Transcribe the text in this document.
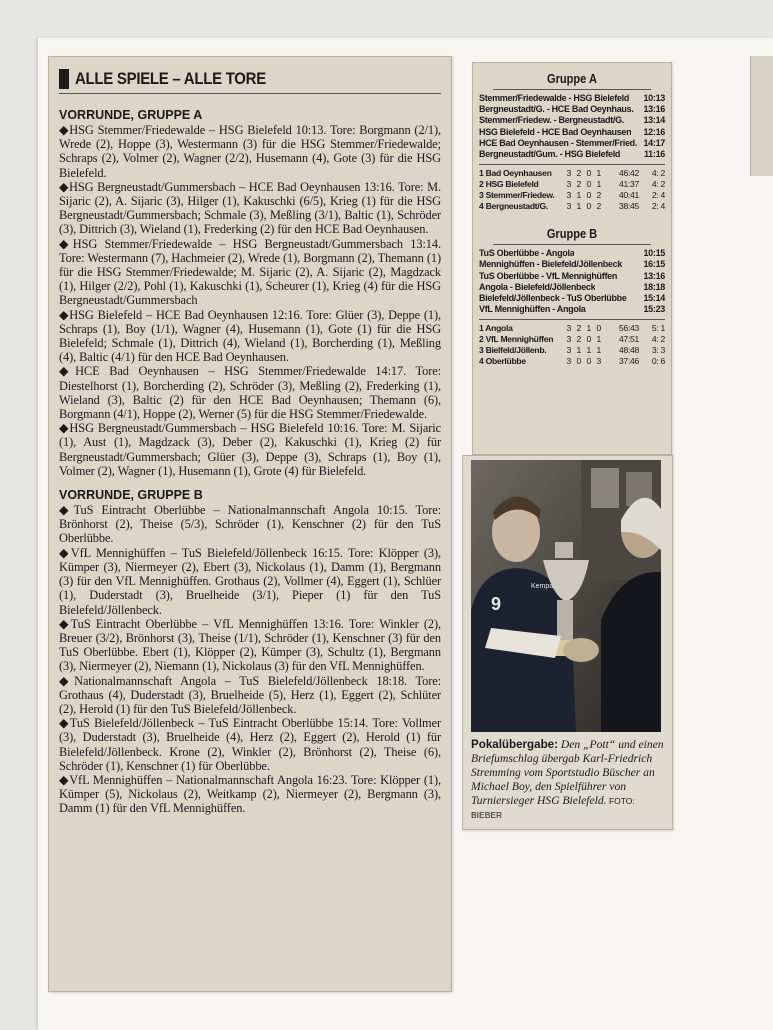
ALLE SPIELE – ALLE TORE
VORRUNDE, GRUPPE A

◆HSG Stemmer/Friedewalde – HSG Bielefeld 10:13. Tore: Borgmann (2/1), Wrede (2), Hoppe (3), Westermann (3) für die HSG Stemmer/Friedewalde; Schraps (2), Volmer (2), Wagner (2/2), Husemann (4), Gote (3) für die HSG Bielefeld.

◆HSG Bergneustadt/Gummersbach – HCE Bad Oeynhausen 13:16. Tore: M. Sijaric (2), A. Sijaric (3), Hilger (1), Kakuschki (6/5), Krieg (1) für die HSG Bergneustadt/Gummersbach; Schmale (3), Meßling (3/1), Baltic (1), Schröder (3), Dittrich (3), Wieland (1), Frederking (2) für den HCE Bad Oeynhausen.

◆HSG Stemmer/Friedewalde – HSG Bergneustadt/Gummersbach 13:14. Tore: Westermann (7), Hachmeier (2), Wrede (1), Borgmann (2), Themann (1) für die HSG Stemmer/Friedewalde; M. Sijaric (2), A. Sijaric (2), Magdzack (1), Hilger (2/2), Pohl (1), Kakuschki (1), Scheurer (1), Krieg (4) für die HSG Bergneustadt/Gummersbach

◆HSG Bielefeld – HCE Bad Oeynhausen 12:16. Tore: Glüer (3), Deppe (1), Schraps (1), Boy (1/1), Wagner (4), Husemann (1), Gote (1) für die HSG Bielefeld; Schmale (1), Dittrich (4), Wieland (1), Borcherding (1), Meßling (4), Baltic (4/1) für den HCE Bad Oeynhausen.

◆HCE Bad Oeynhausen – HSG Stemmer/Friedewalde 14:17. Tore: Diestelhorst (1), Borcherding (2), Schröder (3), Meßling (2), Frederking (1), Wieland (3), Baltic (2) für den HCE Bad Oeynhausen; Themann (6), Borgmann (4/1), Hoppe (2), Werner (5) für die HSG Stemmer/Friedewalde.

◆HSG Bergneustadt/Gummersbach – HSG Bielefeld 10:16. Tore: M. Sijaric (1), Aust (1), Magdzack (3), Deber (2), Kakuschki (1), Krieg (2) für Bergneustadt/Gummersbach; Glüer (3), Deppe (3), Schraps (1), Boy (1), Volmer (2), Wagner (1), Husemann (1), Grote (4) für Bielefeld.

VORRUNDE, GRUPPE B

◆TuS Eintracht Oberlübbe – Nationalmannschaft Angola 10:15. Tore: Brönhorst (2), Theise (5/3), Schröder (1), Kenschner (2) für den TuS Oberlübbe.

◆VfL Mennighüffen – TuS Bielefeld/Jöllenbeck 16:15. Tore: Klöpper (3), Kümper (3), Niermeyer (2), Ebert (3), Nickolaus (1), Damm (1), Bergmann (3) für den VfL Mennighüffen. Grothaus (2), Vollmer (4), Eggert (1), Schlüer (1), Duderstadt (3), Bruelheide (3/1), Pieper (1) für den TuS Bielefeld/Jöllenbeck.

◆TuS Eintracht Oberlübbe – VfL Mennighüffen 13:16. Tore: Winkler (2), Breuer (3/2), Brönhorst (3), Theise (1/1), Schröder (1), Kenschner (3) für den TuS Oberlübbe. Ebert (1), Klöpper (2), Kümper (3), Schultz (1), Bergmann (3), Niermeyer (2), Niemann (1), Nickolaus (3) für den VfL Mennighüffen.

◆Nationalmannschaft Angola – TuS Bielefeld/Jöllenbeck 18:18. Tore: Grothaus (4), Duderstadt (3), Bruelheide (5), Herz (1), Eggert (2), Schlüter (2), Herold (1) für den TuS Bielefeld/Jöllenbeck.

◆TuS Bielefeld/Jöllenbeck – TuS Eintracht Oberlübbe 15:14. Tore: Vollmer (3), Duderstadt (3), Bruelheide (4), Herz (2), Eggert (2), Herold (1) für Bielefeld/Jöllenbeck. Krone (2), Winkler (2), Brönhorst (2), Theise (6), Schröder (1), Kenschner (1) für Oberlübbe.

◆VfL Mennighüffen – Nationalmannschaft Angola 16:23. Tore: Klöpper (1), Kümper (5), Nickolaus (2), Weitkamp (2), Niermeyer (2), Bergmann (3), Damm (1) für den VfL Mennighüffen.

Gruppe A
Stemmer/Friedewalde - HSG Bielefeld 10:13
Bergneustadt/G. - HCE Bad Oeynhaus. 13:16
Stemmer/Friedew. - Bergneustadt/G. 13:14
HSG Bielefeld - HCE Bad Oeynhausen 12:16
HCE Bad Oeynhausen - Stemmer/Fried. 14:17
Bergneustadt/Gum. - HSG Bielefeld	11:16
1 Bad Oeynhausen	3 2 0 1	46:42	4: 2
2 HSG Bielefeld	3 2 0 1	41:37	4: 2
3 Stemmer/Friedew.	3 1 0 2	40:41	2: 4
4 Bergneustadt/G.	3 1 0 2	38:45	2: 4
Gruppe B
TuS Oberlübbe - Angola	10:15
Mennighüffen - Bielefeld/Jöllenbeck 16:15
TuS Oberlübbe - VfL Mennighüffen	13:16
Angola - Bielefeld/Jöllenbeck	18:18
Bielefeld/Jöllenbeck - TuS Oberlübbe 15:14
VfL Mennighüffen - Angola	15:23
1 Angola	3 2 1 0	56:43	5: 1
2 VfL Mennighüffen	3 2 0 1	47:51	4: 2
3 Bielfeld/Jöllenb.	3 1 1 1	48:48	3: 3
4 Oberlübbe	3 0 0 3	37:46	0: 6
9
Kempa
Pokalübergabe: Den „Pott“ und einen Briefumschlag übergab Karl-Friedrich Stremming vom Sportstudio Büscher an Michael Boy, den Spielführer von Turniersieger HSG Bielefeld. FOTO: BIEBER
